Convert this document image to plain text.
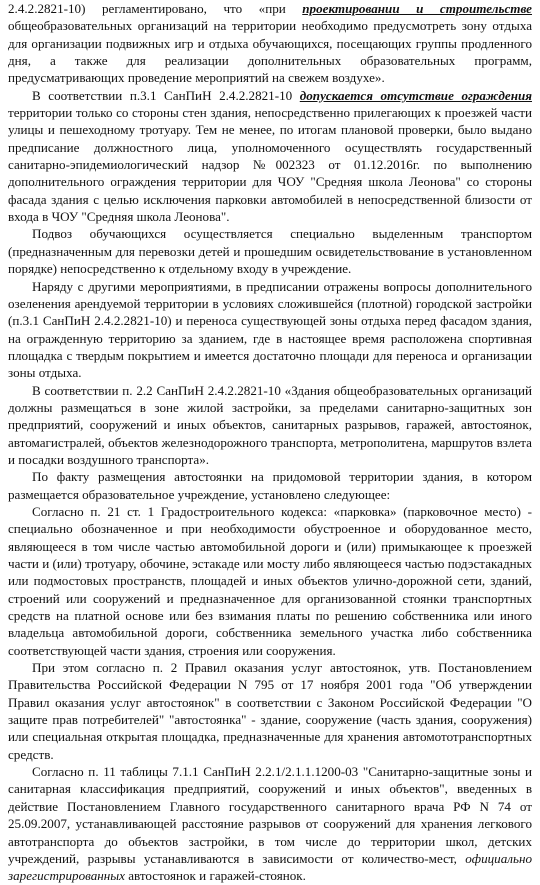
2.4.2.2821-10) регламентировано, что «при проектировании и строительстве общеобразовательных организаций на территории необходимо предусмотреть зону отдыха для организации подвижных игр и отдыха обучающихся, посещающих группы продленного дня, а также для реализации дополнительных образовательных программ, предусматривающих проведение мероприятий на свежем воздухе».

В соответствии п.3.1 СанПиН 2.4.2.2821-10 допускается отсутствие ограждения территории только со стороны стен здания, непосредственно прилегающих к проезжей части улицы и пешеходному тротуару. Тем не менее, по итогам плановой проверки, было выдано предписание должностного лица, уполномоченного осуществлять государственный санитарно-эпидемиологический надзор №002323 от 01.12.2016г. по выполнению дополнительного ограждения территории для ЧОУ "Средняя школа Леонова" со стороны фасада здания с целью исключения парковки автомобилей в непосредственной близости от входа в ЧОУ "Средняя школа Леонова".

Подвоз обучающихся осуществляется специально выделенным транспортом (предназначенным для перевозки детей и прошедшим освидетельствование в установленном порядке) непосредственно к отдельному входу в учреждение.

Наряду с другими мероприятиями, в предписании отражены вопросы дополнительного озеленения арендуемой территории в условиях сложившейся (плотной) городской застройки (п.3.1 СанПиН 2.4.2.2821-10) и переноса существующей зоны отдыха перед фасадом здания, на огражденную территорию за зданием, где в настоящее время расположена спортивная площадка с твердым покрытием и имеется достаточно площади для переноса и организации зоны отдыха.

В соответствии п. 2.2 СанПиН 2.4.2.2821-10 «Здания общеобразовательных организаций должны размещаться в зоне жилой застройки, за пределами санитарно-защитных зон предприятий, сооружений и иных объектов, санитарных разрывов, гаражей, автостоянок, автомагистралей, объектов железнодорожного транспорта, метрополитена, маршрутов взлета и посадки воздушного транспорта».

По факту размещения автостоянки на придомовой территории здания, в котором размещается образовательное учреждение, установлено следующее:

Согласно п. 21 ст. 1 Градостроительного кодекса: «парковка» (парковочное место) - специально обозначенное и при необходимости обустроенное и оборудованное место, являющееся в том числе частью автомобильной дороги и (или) примыкающее к проезжей части и (или) тротуару, обочине, эстакаде или мосту либо являющееся частью подэстакадных или подмостовых пространств, площадей и иных объектов улично-дорожной сети, зданий, строений или сооружений и предназначенное для организованной стоянки транспортных средств на платной основе или без взимания платы по решению собственника или иного владельца автомобильной дороги, собственника земельного участка либо собственника соответствующей части здания, строения или сооружения.

При этом согласно п. 2 Правил оказания услуг автостоянок, утв. Постановлением Правительства Российской Федерации N 795 от 17 ноября 2001 года "Об утверждении Правил оказания услуг автостоянок" в соответствии с Законом Российской Федерации "О защите прав потребителей" "автостоянка" - здание, сооружение (часть здания, сооружения) или специальная открытая площадка, предназначенные для хранения автомототранспортных средств.

Согласно п. 11 таблицы 7.1.1 СанПиН 2.2.1/2.1.1.1200-03 "Санитарно-защитные зоны и санитарная классификация предприятий, сооружений и иных объектов", введенных в действие Постановлением Главного государственного санитарного врача РФ N 74 от 25.09.2007, устанавливающей расстояние разрывов от сооружений для хранения легкового автотранспорта до объектов застройки, в том числе до территории школ, детских учреждений, разрывы устанавливаются в зависимости от количество-мест, официально зарегистрированных автостоянок и гаражей-стоянок.
